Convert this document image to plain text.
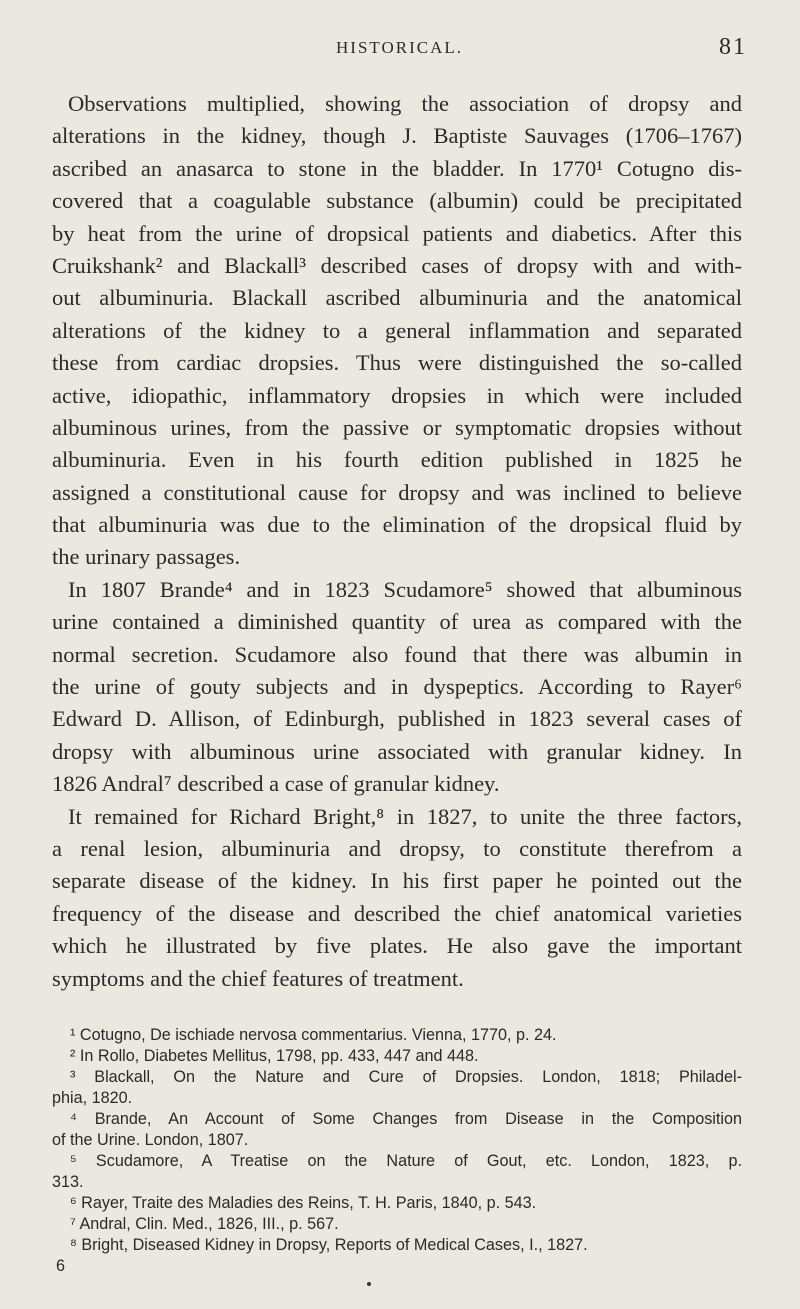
HISTORICAL.	81
Observations multiplied, showing the association of dropsy and
alterations in the kidney, though J. Baptiste Sauvages (1706–1767)
ascribed an anasarca to stone in the bladder. In 1770¹ Cotugno dis-
covered that a coagulable substance (albumin) could be precipitated
by heat from the urine of dropsical patients and diabetics. After this
Cruikshank² and Blackall³ described cases of dropsy with and with-
out albuminuria. Blackall ascribed albuminuria and the anatomical
alterations of the kidney to a general inflammation and separated
these from cardiac dropsies. Thus were distinguished the so-called
active, idiopathic, inflammatory dropsies in which were included
albuminous urines, from the passive or symptomatic dropsies without
albuminuria. Even in his fourth edition published in 1825 he
assigned a constitutional cause for dropsy and was inclined to believe
that albuminuria was due to the elimination of the dropsical fluid by
the urinary passages.
In 1807 Brande⁴ and in 1823 Scudamore⁵ showed that albuminous
urine contained a diminished quantity of urea as compared with the
normal secretion. Scudamore also found that there was albumin in
the urine of gouty subjects and in dyspeptics. According to Rayer⁶
Edward D. Allison, of Edinburgh, published in 1823 several cases of
dropsy with albuminous urine associated with granular kidney. In
1826 Andral⁷ described a case of granular kidney.
It remained for Richard Bright,⁸ in 1827, to unite the three factors,
a renal lesion, albuminuria and dropsy, to constitute therefrom a
separate disease of the kidney. In his first paper he pointed out the
frequency of the disease and described the chief anatomical varieties
which he illustrated by five plates. He also gave the important
symptoms and the chief features of treatment.
¹ Cotugno, De ischiade nervosa commentarius. Vienna, 1770, p. 24.
² In Rollo, Diabetes Mellitus, 1798, pp. 433, 447 and 448.
³ Blackall, On the Nature and Cure of Dropsies. London, 1818; Philadel-
phia, 1820.
⁴ Brande, An Account of Some Changes from Disease in the Composition
of the Urine. London, 1807.
⁵ Scudamore, A Treatise on the Nature of Gout, etc. London, 1823, p.
313.
⁶ Rayer, Traite des Maladies des Reins, T. H. Paris, 1840, p. 543.
⁷ Andral, Clin. Med., 1826, III., p. 567.
⁸ Bright, Diseased Kidney in Dropsy, Reports of Medical Cases, I., 1827.
6
